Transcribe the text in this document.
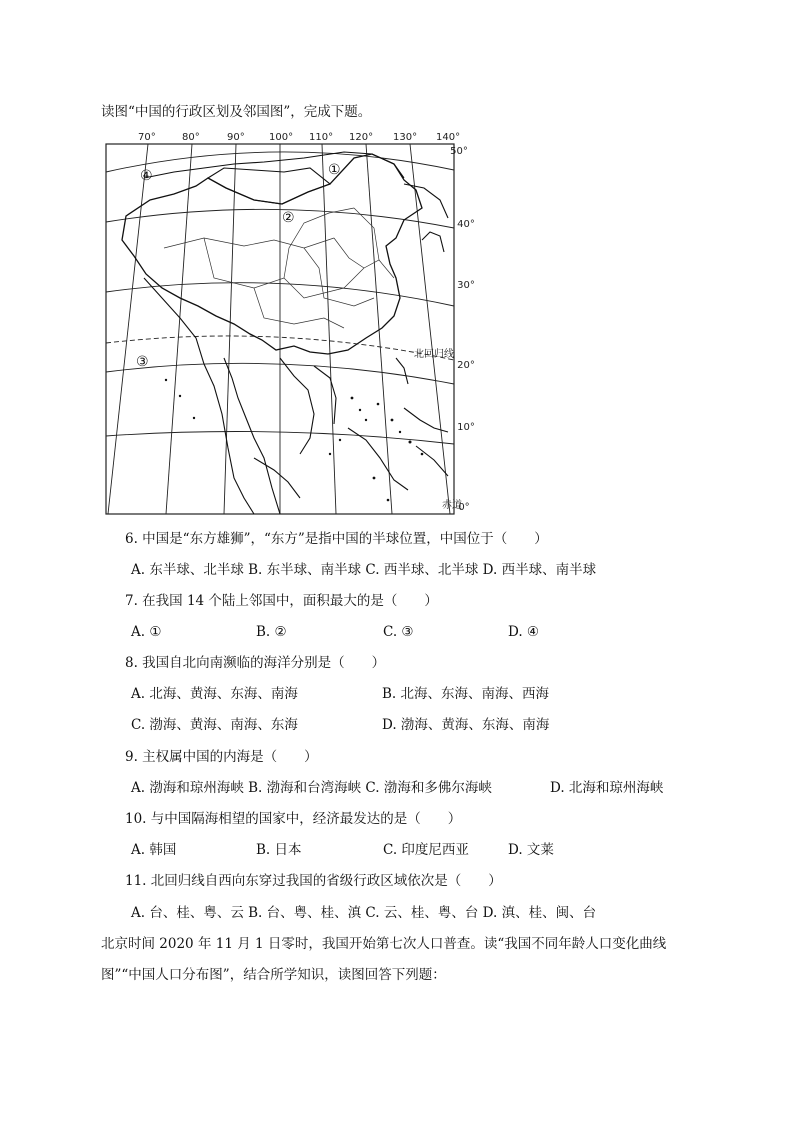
读图“中国的行政区划及邻国图”，完成下题。
70°	80°	90° 100° 110° 120° 130° 140°
50°
40°
30°
20°
10°
0°
北回归线
①
②
③
④
赤道
6. 中国是“东方雄狮”，“东方”是指中国的半球位置，中国位于（　　）
A. 东半球、北半球 B. 东半球、南半球 C. 西半球、北半球 D. 西半球、南半球
7. 在我国 14 个陆上邻国中，面积最大的是（　　）
A. ①	B. ②	C. ③	D. ④
8. 我国自北向南濒临的海洋分别是（　　）
A. 北海、黄海、东海、南海	B. 北海、东海、南海、西海
C. 渤海、黄海、南海、东海	D. 渤海、黄海、东海、南海
9. 主权属中国的内海是（　　）
A. 渤海和琼州海峡 B. 渤海和台湾海峡 C. 渤海和多佛尔海峡	D. 北海和琼州海峡
10. 与中国隔海相望的国家中，经济最发达的是（　　）
A. 韩国	B. 日本	C. 印度尼西亚	D. 文莱
11. 北回归线自西向东穿过我国的省级行政区域依次是（　　）
A. 台、桂、粤、云 B. 台、粤、桂、滇 C. 云、桂、粤、台 D. 滇、桂、闽、台
北京时间 2020 年 11 月 1 日零时，我国开始第七次人口普查。读“我国不同年龄人口变化曲线
图”“中国人口分布图”，结合所学知识，读图回答下列题：
